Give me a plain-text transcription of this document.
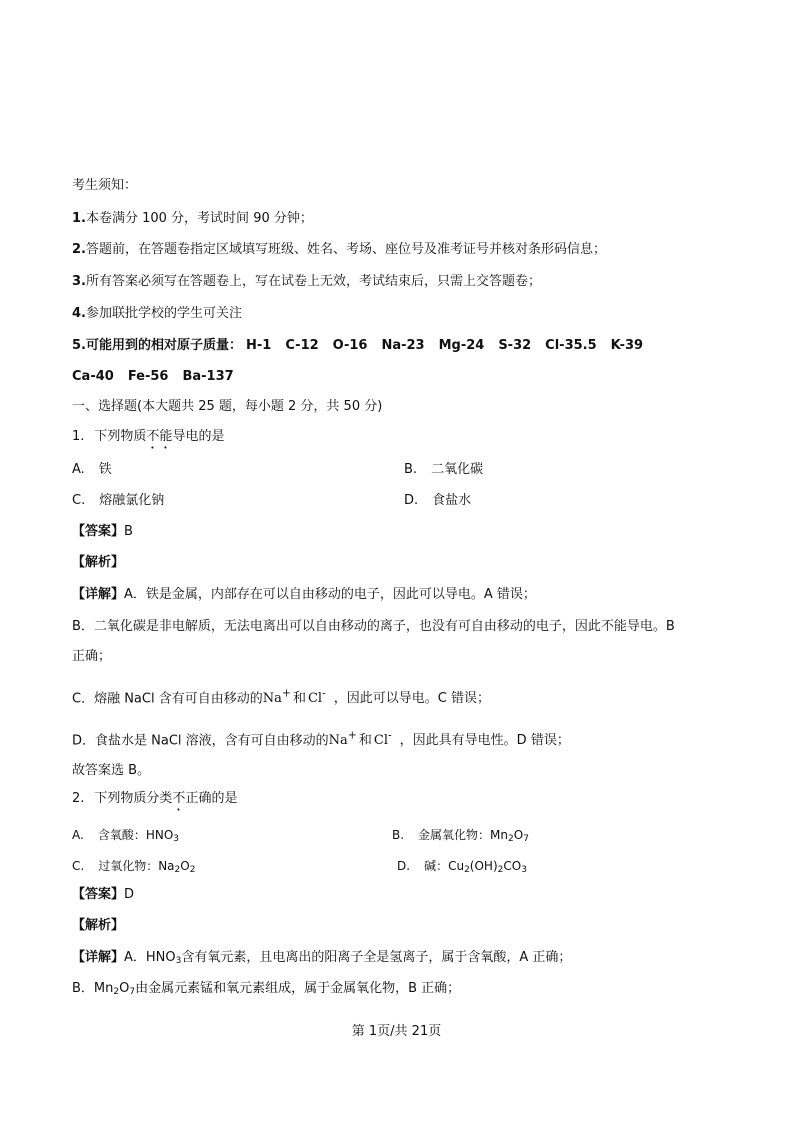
考生须知：
1.本卷满分 100 分，考试时间 90 分钟；
2.答题前，在答题卷指定区域填写班级、姓名、考场、座位号及准考证号并核对条形码信息；
3.所有答案必须写在答题卷上，写在试卷上无效，考试结束后，只需上交答题卷；
4.参加联批学校的学生可关注
5.可能用到的相对原子质量： H-1 C-12 O-16 Na-23 Mg-24 S-32 Cl-35.5 K-39
Ca-40 Fe-56 Ba-137
一、选择题(本大题共 25 题，每小题 2 分，共 50 分)
1. 下列物质不能导电的是
A. 铁	B. 二氧化碳
C. 熔融氯化钠	D. 食盐水
【答案】B
【解析】
【详解】A．铁是金属，内部存在可以自由移动的电子，因此可以导电。A 错误；
B．二氧化碳是非电解质，无法电离出可以自由移动的离子，也没有可自由移动的电子，因此不能导电。B
正确；
C．熔融 NaCl 含有可自由移动的Na+ 和 Cl- ，因此可以导电。C 错误；
D．食盐水是 NaCl 溶液，含有可自由移动的Na+ 和 Cl- ，因此具有导电性。D 错误；
故答案选 B。
2. 下列物质分类不正确的是
A. 含氧酸：$HNO_3$	B. 金属氧化物：$Mn_2O_7$
C. 过氧化物：$Na_2O_2$	D. 碱：$Cu_2(OH)_2CO_3$
【答案】D
【解析】
【详解】A．$HNO_3$含有氧元素，且电离出的阳离子全是氢离子，属于含氧酸，A 正确；
B．$Mn_2O_7$由金属元素锰和氧元素组成，属于金属氧化物，B 正确；
第 1页/共 21页
